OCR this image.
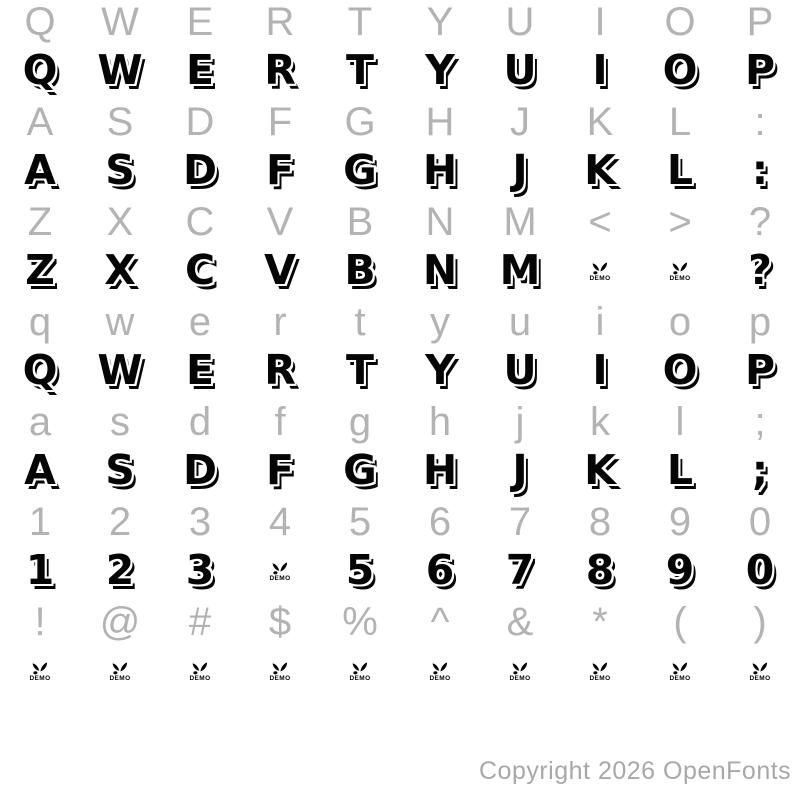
Q W E R T Y U I O P
Q W E R T Y U I O P
A S D F G H J K L :
A S D F G H J K L :
Z X C V B N M < > ?
Z X C V B N M	DEMO	DEMO ?
q w e r t y u i o p
Q W E R T Y U I O P
a s d f g h j k l ;
A S D F G H J K L ;
1 2 3 4 5 6 7 8 9 0
1 2 3	DEMO 5 6 7 8 9 0
! @ # $ % ^ & * ( )
DEMO	DEMO	DEMO	DEMO	DEMO	DEMO	DEMO	DEMO	DEMO	DEMO
Copyright 2026 OpenFonts
